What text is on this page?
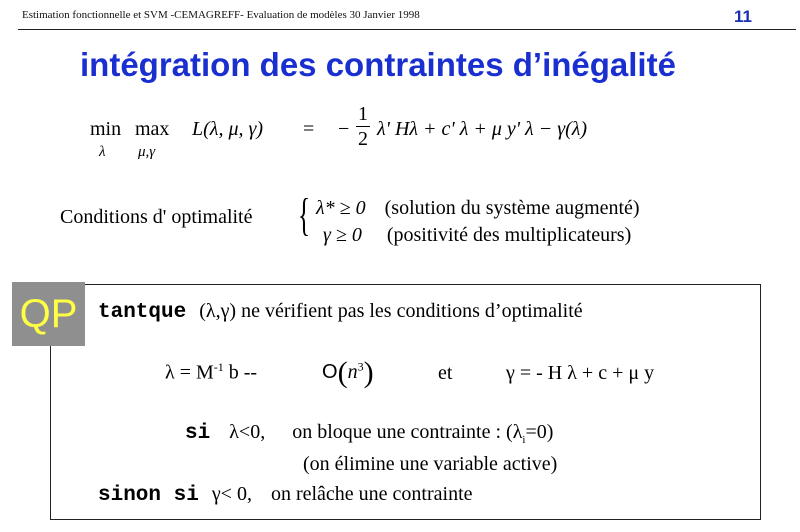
Estimation fonctionnelle et SVM -CEMAGREFF- Evaluation de modèles 30 Janvier 1998	11
intégration des contraintes d’inégalité
min
λ
max
μ,γ
L(λ, μ, γ) = − $\frac{1}{2} \lambda'$ Hλ + c' λ + μ y' λ − γ(λ)
Conditions d' optimalité { λ* ≥ 0 (solution du système augmenté)
γ ≥ 0 (positivité des multiplicateurs)
QP tantque (λ,γ) ne vérifient pas les conditions d’optimalité
$\lambda = M^{-1}$ b --	$O(n^3)$	et	γ = - H λ + c + μ y
si λ<0, on bloque une contrainte : $(\lambda_i=0)$
(on élimine une variable active)
sinon si γ< 0, on relâche une contrainte
